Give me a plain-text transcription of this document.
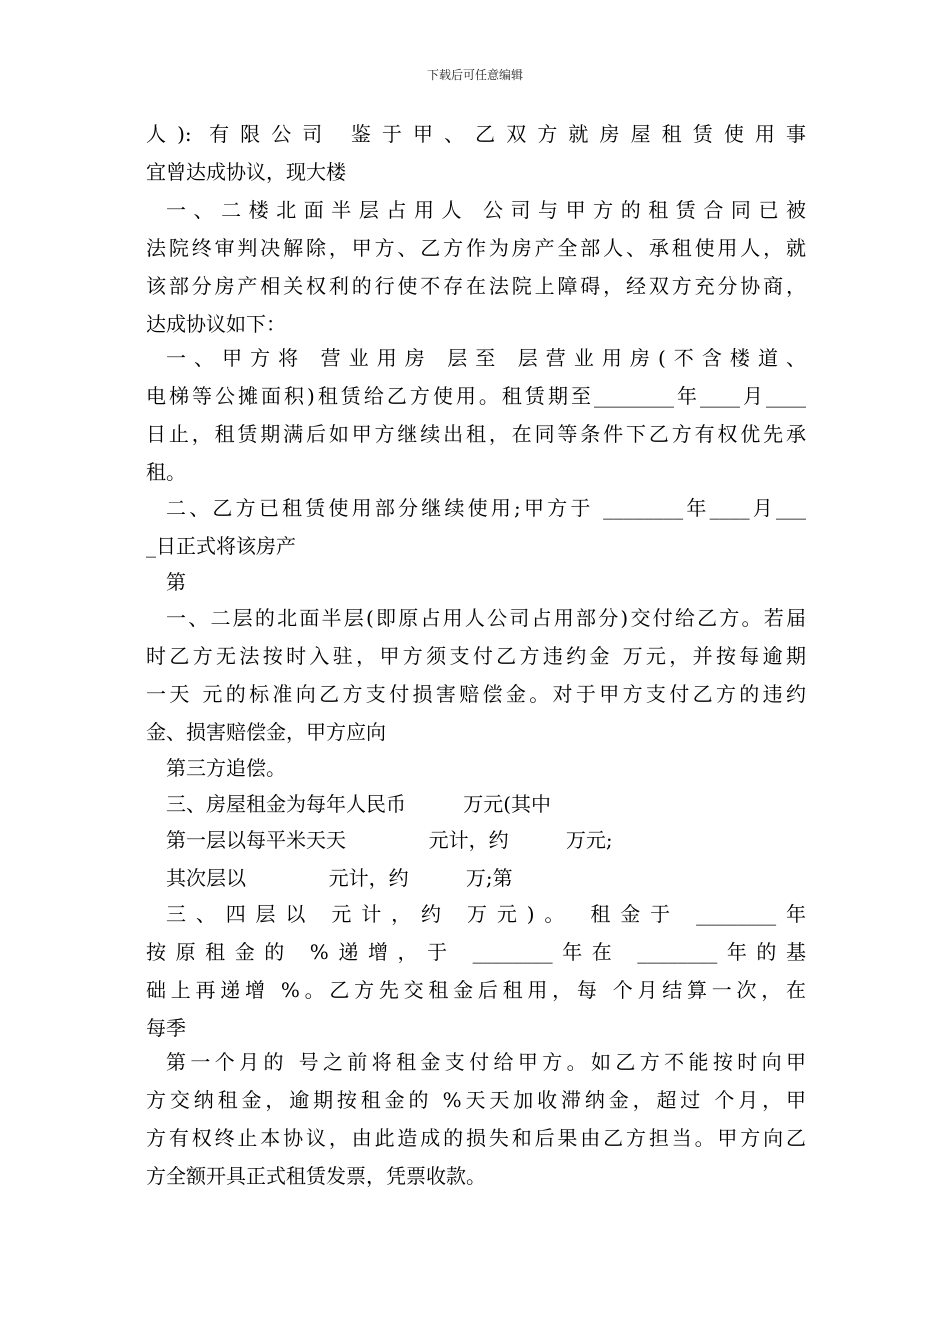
下载后可任意编辑
人): 有限公司 鉴于甲、乙双方就房屋租赁使用事
宜曾达成协议，现大楼
一、二楼北面半层占用人 公司与甲方的租赁合同已被
法院终审判决解除，甲方、乙方作为房产全部人、承租使用人，就
该部分房产相关权利的行使不存在法院上障碍，经双方充分协商，
达成协议如下：
一、甲方将 营业用房 层至 层营业用房(不含楼道、
电梯等公摊面积)租赁给乙方使用。租赁期至________年____月____
日止，租赁期满后如甲方继续出租，在同等条件下乙方有权优先承
租。
二、乙方已租赁使用部分继续使用;甲方于 ________年____月___
_日正式将该房产
第
一、二层的北面半层(即原占用人公司占用部分)交付给乙方。若届
时乙方无法按时入驻，甲方须支付乙方违约金 万元，并按每逾期
一天 元的标准向乙方支付损害赔偿金。对于甲方支付乙方的违约
金、损害赔偿金，甲方应向
第三方追偿。
三、房屋租金为每年人民币         万元(其中
第一层以每平米天天             元计，约         万元;
其次层以             元计，约         万;第
三、四层以 元计，约 万元)。 租金于 ________年
按原租金的 %递增，于 ________年在 ________年的基
础上再递增 %。乙方先交租金后租用，每 个月结算一次，在
每季
第一个月的 号之前将租金支付给甲方。如乙方不能按时向甲
方交纳租金，逾期按租金的 %天天加收滞纳金，超过 个月，甲
方有权终止本协议，由此造成的损失和后果由乙方担当。甲方向乙
方全额开具正式租赁发票，凭票收款。
